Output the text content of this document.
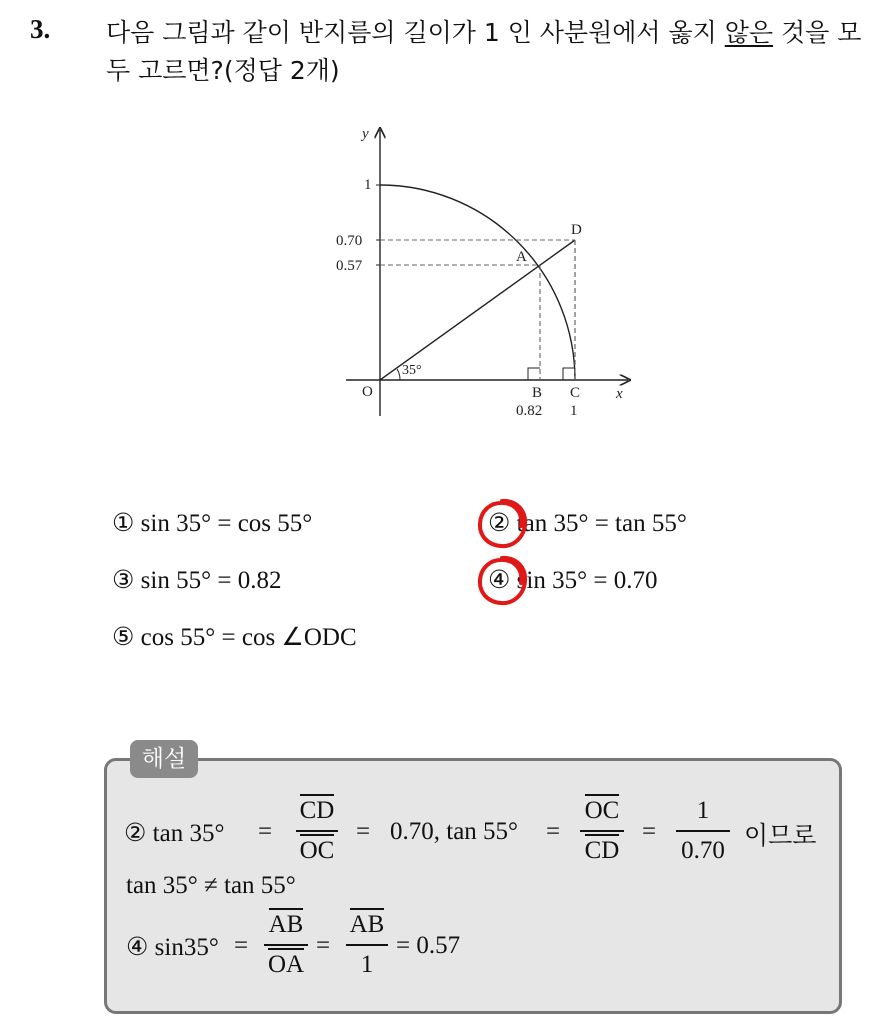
3. 다음 그림과 같이 반지름의 길이가 1 인 사분원에서 옳지 않은 것을 모두 고르면?(정답 2개)
y
x
1
0.70
0.57
O
A
B C
D
0.82 1
35°
① sin 35° = cos 55°	② tan 35° = tan 55°
③ sin 55° = 0.82	④ sin 35° = 0.70
⑤ cos 55° = cos ∠ODC
해설
② tan 35° =
CD
OC
= 0.70, tan 55° =
OC
CD
=
1
0.70
이므로
tan 35° ≠ tan 55°
④ sin35° =
AB
OA
=
AB
1
= 0.57
